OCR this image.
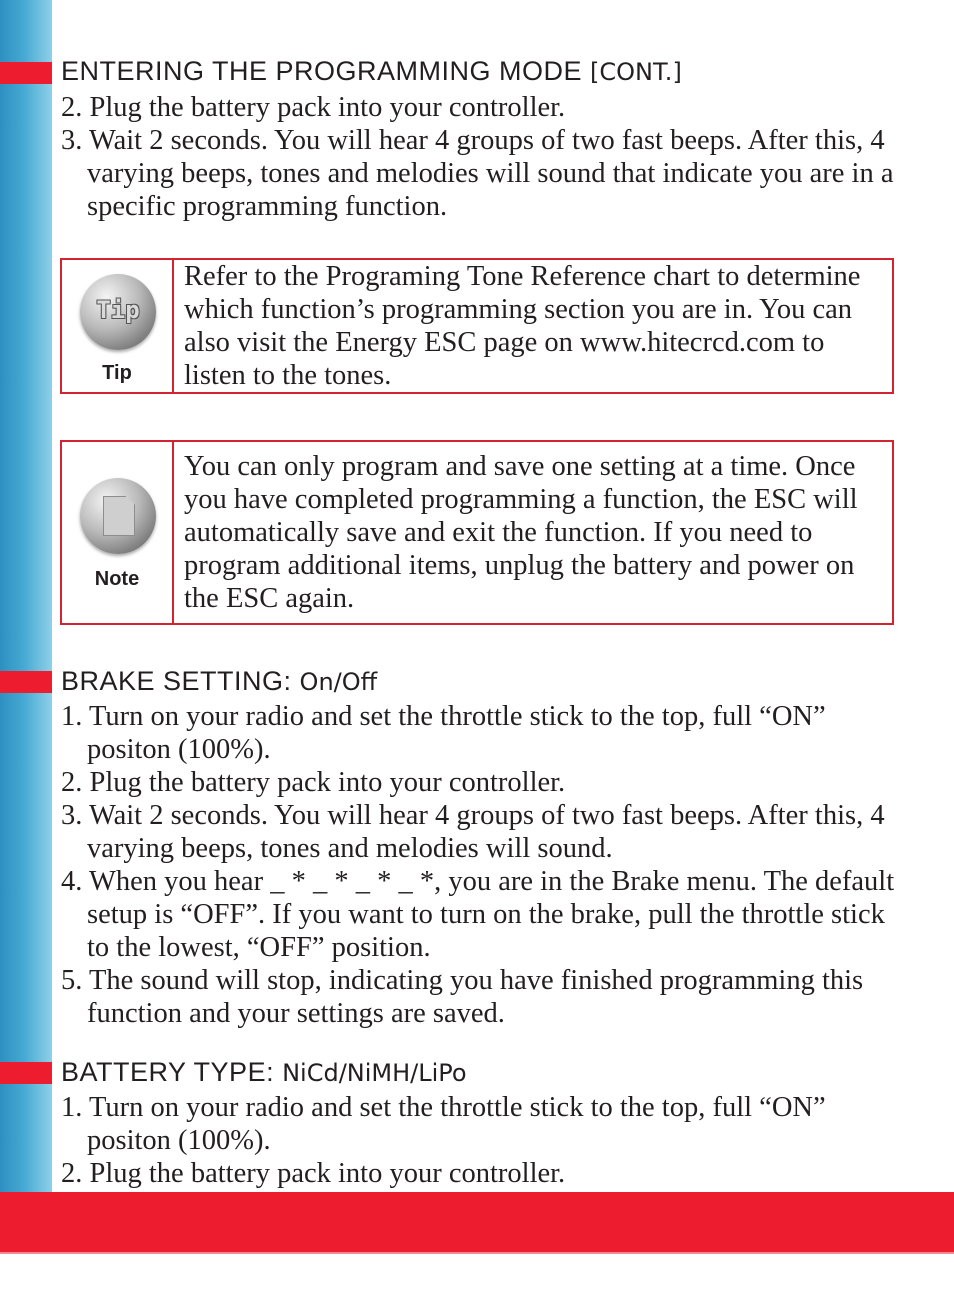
ENTERING THE PROGRAMMING MODE [CONT.]
2. Plug the battery pack into your controller.
3. Wait 2 seconds. You will hear 4 groups of two fast beeps. After this, 4 varying beeps, tones and melodies will sound that indicate you are in a specific programming function.
Tip
Tip
Refer to the Programing Tone Reference chart to determine which function’s programming section you are in. You can also visit the Energy ESC page on www.hitecrcd.com to listen to the tones.
Note
You can only program and save one setting at a time. Once you have completed programming a function, the ESC will automatically save and exit the function. If you need to program additional items, unplug the battery and power on the ESC again.
BRAKE SETTING: On/Off
1. Turn on your radio and set the throttle stick to the top, full “ON” positon (100%).
2. Plug the battery pack into your controller.
3. Wait 2 seconds. You will hear 4 groups of two fast beeps. After this, 4 varying beeps, tones and melodies will sound.
4. When you hear _ * _ * _ * _ *, you are in the Brake menu. The default setup is “OFF”. If you want to turn on the brake, pull the throttle stick to the lowest, “OFF” position.
5. The sound will stop, indicating you have finished programming this function and your settings are saved.
BATTERY TYPE: NiCd/NiMH/LiPo
1. Turn on your radio and set the throttle stick to the top, full “ON” positon (100%).
2. Plug the battery pack into your controller.
